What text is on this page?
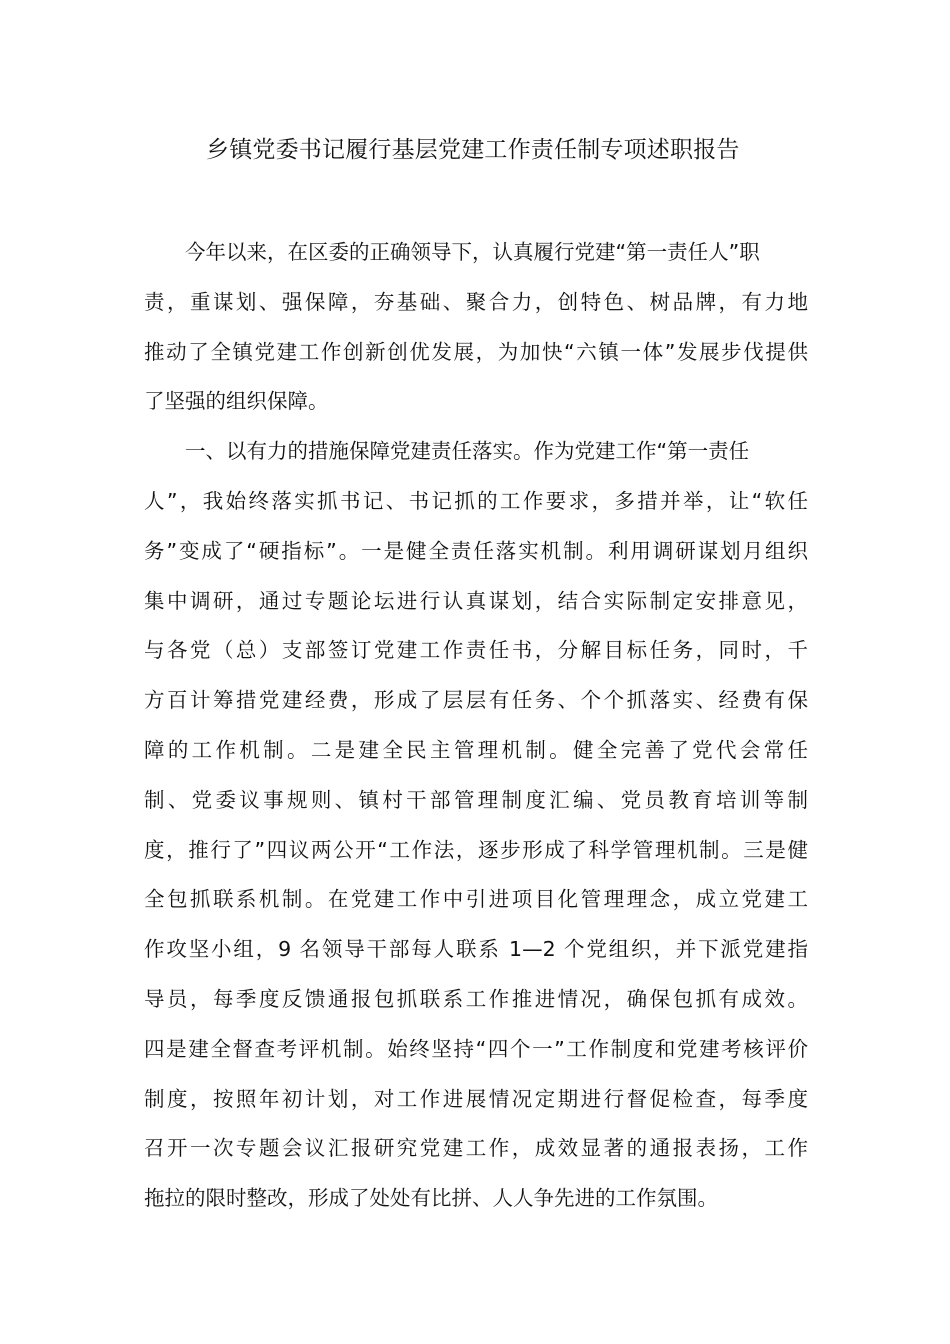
乡镇党委书记履行基层党建工作责任制专项述职报告
　　今年以来，在区委的正确领导下，认真履行党建“第一责任人”职
责，重谋划、强保障，夯基础、聚合力，创特色、树品牌，有力地
推动了全镇党建工作创新创优发展，为加快“六镇一体”发展步伐提供
了坚强的组织保障。
　　一、以有力的措施保障党建责任落实。作为党建工作“第一责任
人”，我始终落实抓书记、书记抓的工作要求，多措并举，让“软任
务”变成了“硬指标”。一是健全责任落实机制。利用调研谋划月组织
集中调研，通过专题论坛进行认真谋划，结合实际制定安排意见，
与各党（总）支部签订党建工作责任书，分解目标任务，同时，千
方百计筹措党建经费，形成了层层有任务、个个抓落实、经费有保
障的工作机制。二是建全民主管理机制。健全完善了党代会常任
制、党委议事规则、镇村干部管理制度汇编、党员教育培训等制
度，推行了”四议两公开“工作法，逐步形成了科学管理机制。三是健
全包抓联系机制。在党建工作中引进项目化管理理念，成立党建工
作攻坚小组，9 名领导干部每人联系 1—2 个党组织，并下派党建指
导员，每季度反馈通报包抓联系工作推进情况，确保包抓有成效。
四是建全督查考评机制。始终坚持“四个一”工作制度和党建考核评价
制度，按照年初计划，对工作进展情况定期进行督促检查，每季度
召开一次专题会议汇报研究党建工作，成效显著的通报表扬，工作
拖拉的限时整改，形成了处处有比拼、人人争先进的工作氛围。
